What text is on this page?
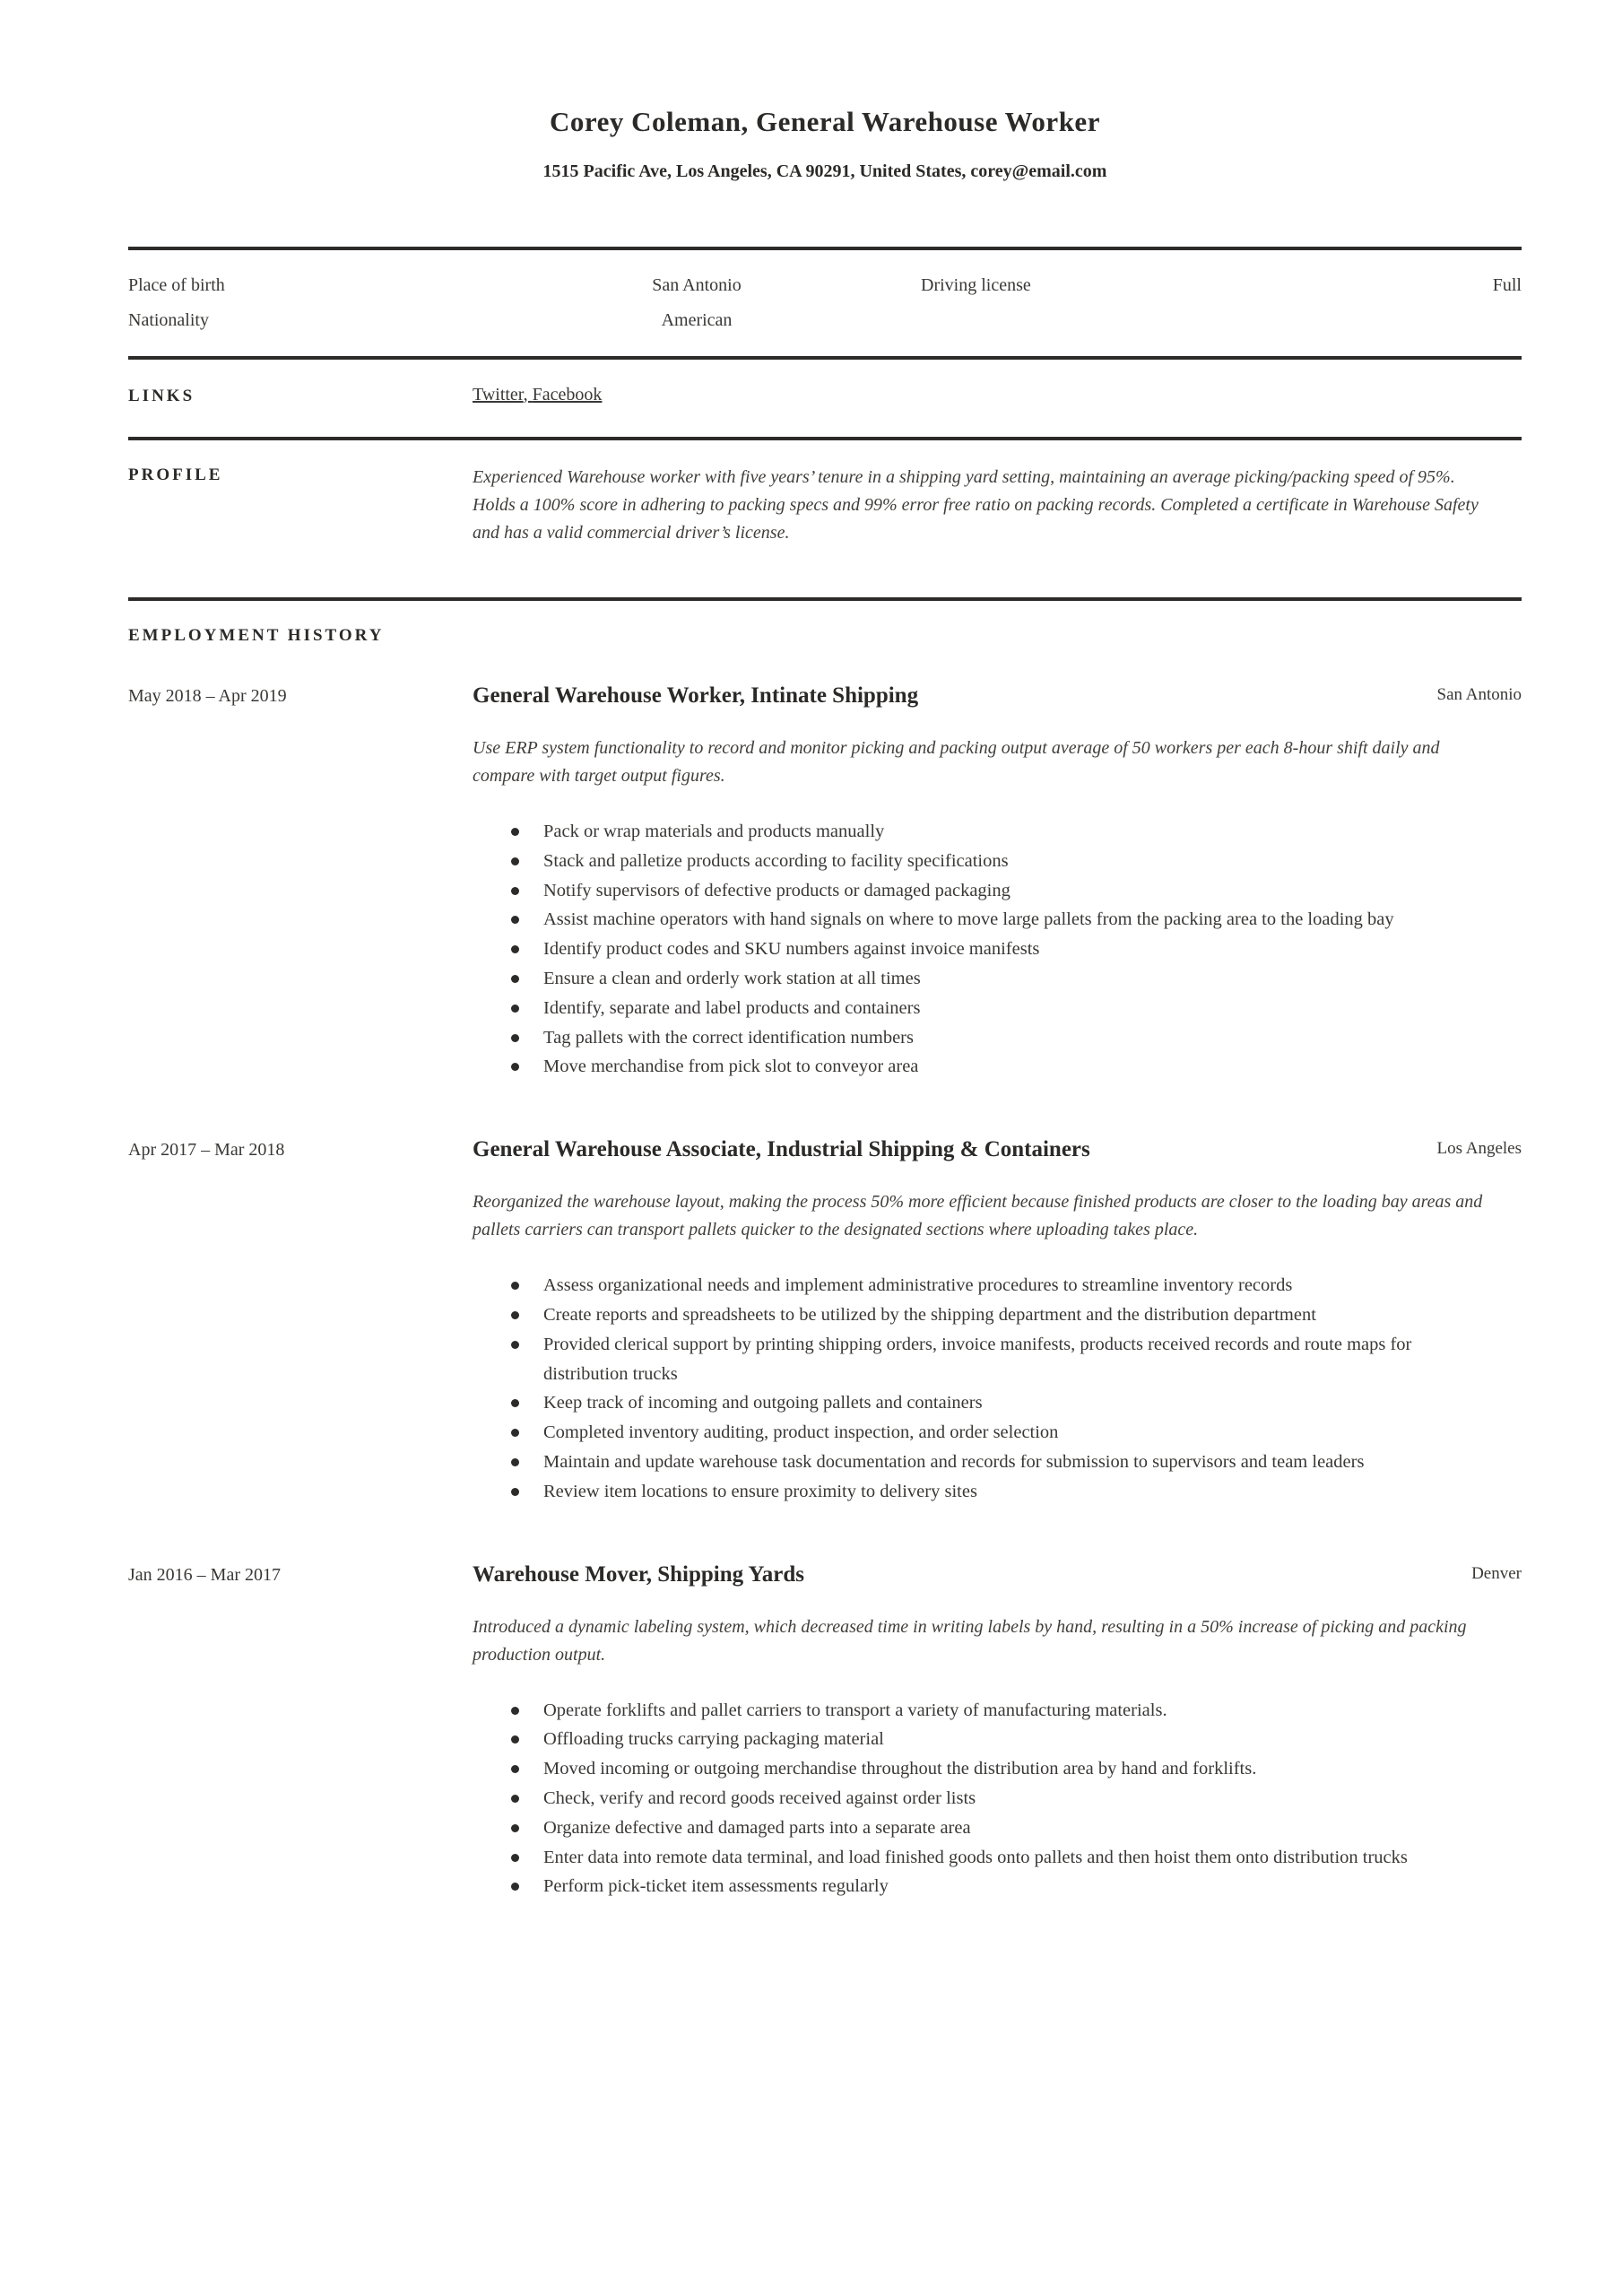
Corey Coleman, General Warehouse Worker
1515 Pacific Ave, Los Angeles, CA 90291, United States, corey@email.com
Place of birth	San Antonio	Driving license	Full
Nationality	American
LINKS	Twitter , Facebook
PROFILE	Experienced Warehouse worker with five years’ tenure in a shipping yard setting, maintaining an average picking/packing speed of 95%. Holds a 100% score in adhering to packing specs and 99% error free ratio on packing records. Completed a certificate in Warehouse Safety and has a valid commercial driver’s license.
EMPLOYMENT HISTORY
May 2018 – Apr 2019	General Warehouse Worker, Intinate Shipping	San Antonio
Use ERP system functionality to record and monitor picking and packing output average of 50 workers per each 8-hour shift daily and compare with target output figures.
Pack or wrap materials and products manually
Stack and palletize products according to facility specifications
Notify supervisors of defective products or damaged packaging
Assist machine operators with hand signals on where to move large pallets from the packing area to the loading bay
Identify product codes and SKU numbers against invoice manifests
Ensure a clean and orderly work station at all times
Identify, separate and label products and containers
Tag pallets with the correct identification numbers
Move merchandise from pick slot to conveyor area
Apr 2017 – Mar 2018	General Warehouse Associate, Industrial Shipping & Containers	Los Angeles
Reorganized the warehouse layout, making the process 50% more efficient because finished products are closer to the loading bay areas and pallets carriers can transport pallets quicker to the designated sections where uploading takes place.
Assess organizational needs and implement administrative procedures to streamline inventory records
Create reports and spreadsheets to be utilized by the shipping department and the distribution department
Provided clerical support by printing shipping orders, invoice manifests, products received records and route maps for distribution trucks
Keep track of incoming and outgoing pallets and containers
Completed inventory auditing, product inspection, and order selection
Maintain and update warehouse task documentation and records for submission to supervisors and team leaders
Review item locations to ensure proximity to delivery sites
Jan 2016 – Mar 2017	Warehouse Mover, Shipping Yards	Denver
Introduced a dynamic labeling system, which decreased time in writing labels by hand, resulting in a 50% increase of picking and packing production output.
Operate forklifts and pallet carriers to transport a variety of manufacturing materials.
Offloading trucks carrying packaging material
Moved incoming or outgoing merchandise throughout the distribution area by hand and forklifts.
Check, verify and record goods received against order lists
Organize defective and damaged parts into a separate area
Enter data into remote data terminal, and load finished goods onto pallets and then hoist them onto distribution trucks
Perform pick-ticket item assessments regularly
